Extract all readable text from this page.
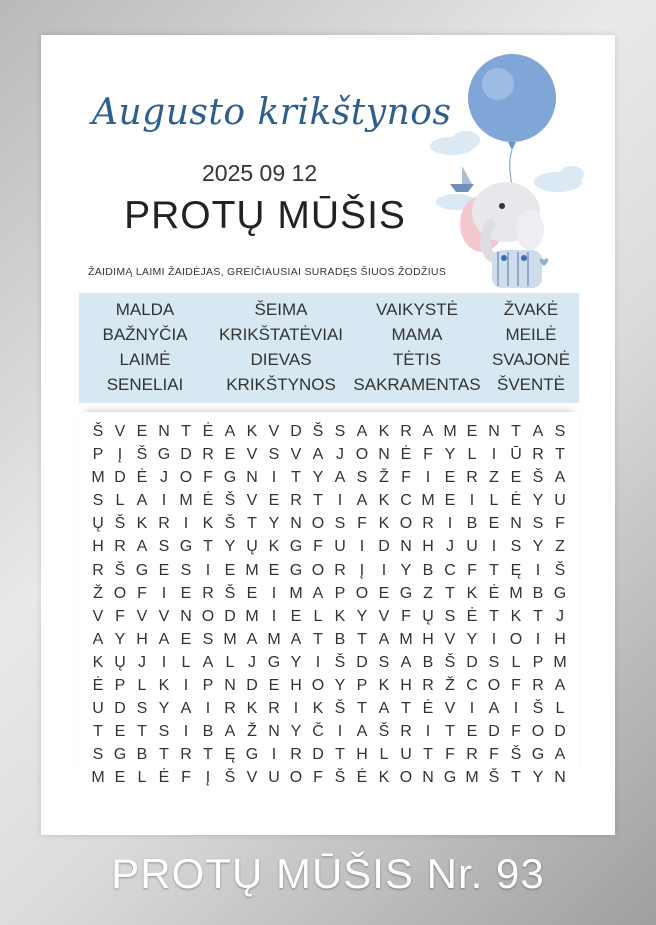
Augusto krikštynos
2025 09 12
PROTŲ MŪŠIS
ŽAIDIMĄ LAIMI ŽAIDĖJAS, GREIČIAUSIAI SURADĘS ŠIUOS ŽODŽIUS
MALDA	ŠEIMA	VAIKYSTĖ	ŽVAKĖ
BAŽNYČIA	KRIKŠTATĖVIAI	MAMA	MEILĖ
LAIMĖ	DIEVAS	TĖTIS	SVAJONĖ
SENELIAI	KRIKŠTYNOS	SAKRAMENTAS ŠVENTĖ
Š V E N T Ė A K V D Š S A K R A M E N T A S
P Į Š G D R E V S V A J O N Ė F Y L I Ū R T
M D Ė J O F G N I T Y A S Ž F I E R Z E Š A
S L A I M Ė Š V E R T I A K C M E I L Ė Y U
Ų Š K R I K Š T Y N O S F K O R I B E N S F
H R A S G T Y Ų K G F U I D N H J U I S Y Z
R Š G E S I E M E G O R Į	I Y B C F T Ę I Š
Ž O F I E R Š E I M A P O E G Z T K Ė M B G
V F V V N O D M I E L K Y V F Ų S Ė T K T J
A Y H A E S M A M A T B T A M H V Y I O I H
K Ų J I L A L J G Y I Š D S A B Š D S L P M
Ė P L K I P N D E H O Y P K H R Ž C O F R A
U D S Y A I R K R I K Š T A T Ė V I A I Š L
T E T S I B A Ž N Y Č I A Š R I T E D F O D
S G B T R T Ę G I R D T H L U T F R F Š G A
M E L Ė F Į Š V U O F Š Ė K O N G M Š T Y N
PROTŲ MŪŠIS Nr. 93
